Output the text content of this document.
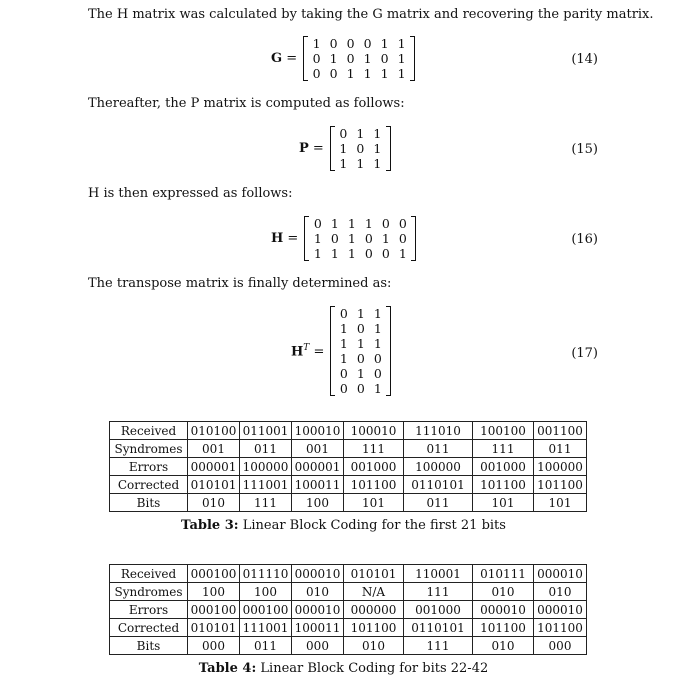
The H matrix was calculated by taking the G matrix and recovering the parity matrix.
G =
1 0 0 0 1 1
0 1 0 1 0 1
0 0 1 1 1 1
(14)
Thereafter, the P matrix is computed as follows:
P =
0 1 1
1 0 1
1 1 1
(15)
H is then expressed as follows:
H =
0 1 1 1 0 0
1 0 1 0 1 0
1 1 1 0 0 1
(16)
The transpose matrix is finally determined as:
$H^T$ =
0 1 1
1 0 1
1 1 1
1 0 0
0 1 0
0 0 1
(17)
Received	010100	011001	100010	100010	111010	100100	001100
Syndromes	001	011	001	111	011	111	011
Errors	000001	100000	000001	001000	100000	001000	100000
Corrected	010101	111001	100011	101100	0110101	101100	101100
Bits	010	111	100	101	011	101	101
Table 3: Linear Block Coding for the first 21 bits
Received	000100	011110	000010	010101	110001	010111	000010
Syndromes	100	100	010	N/A	111	010	010
Errors	000100	000100	000010	000000	001000	000010	000010
Corrected	010101	111001	100011	101100	0110101	101100	101100
Bits	000	011	000	010	111	010	000
Table 4: Linear Block Coding for bits 22-42
